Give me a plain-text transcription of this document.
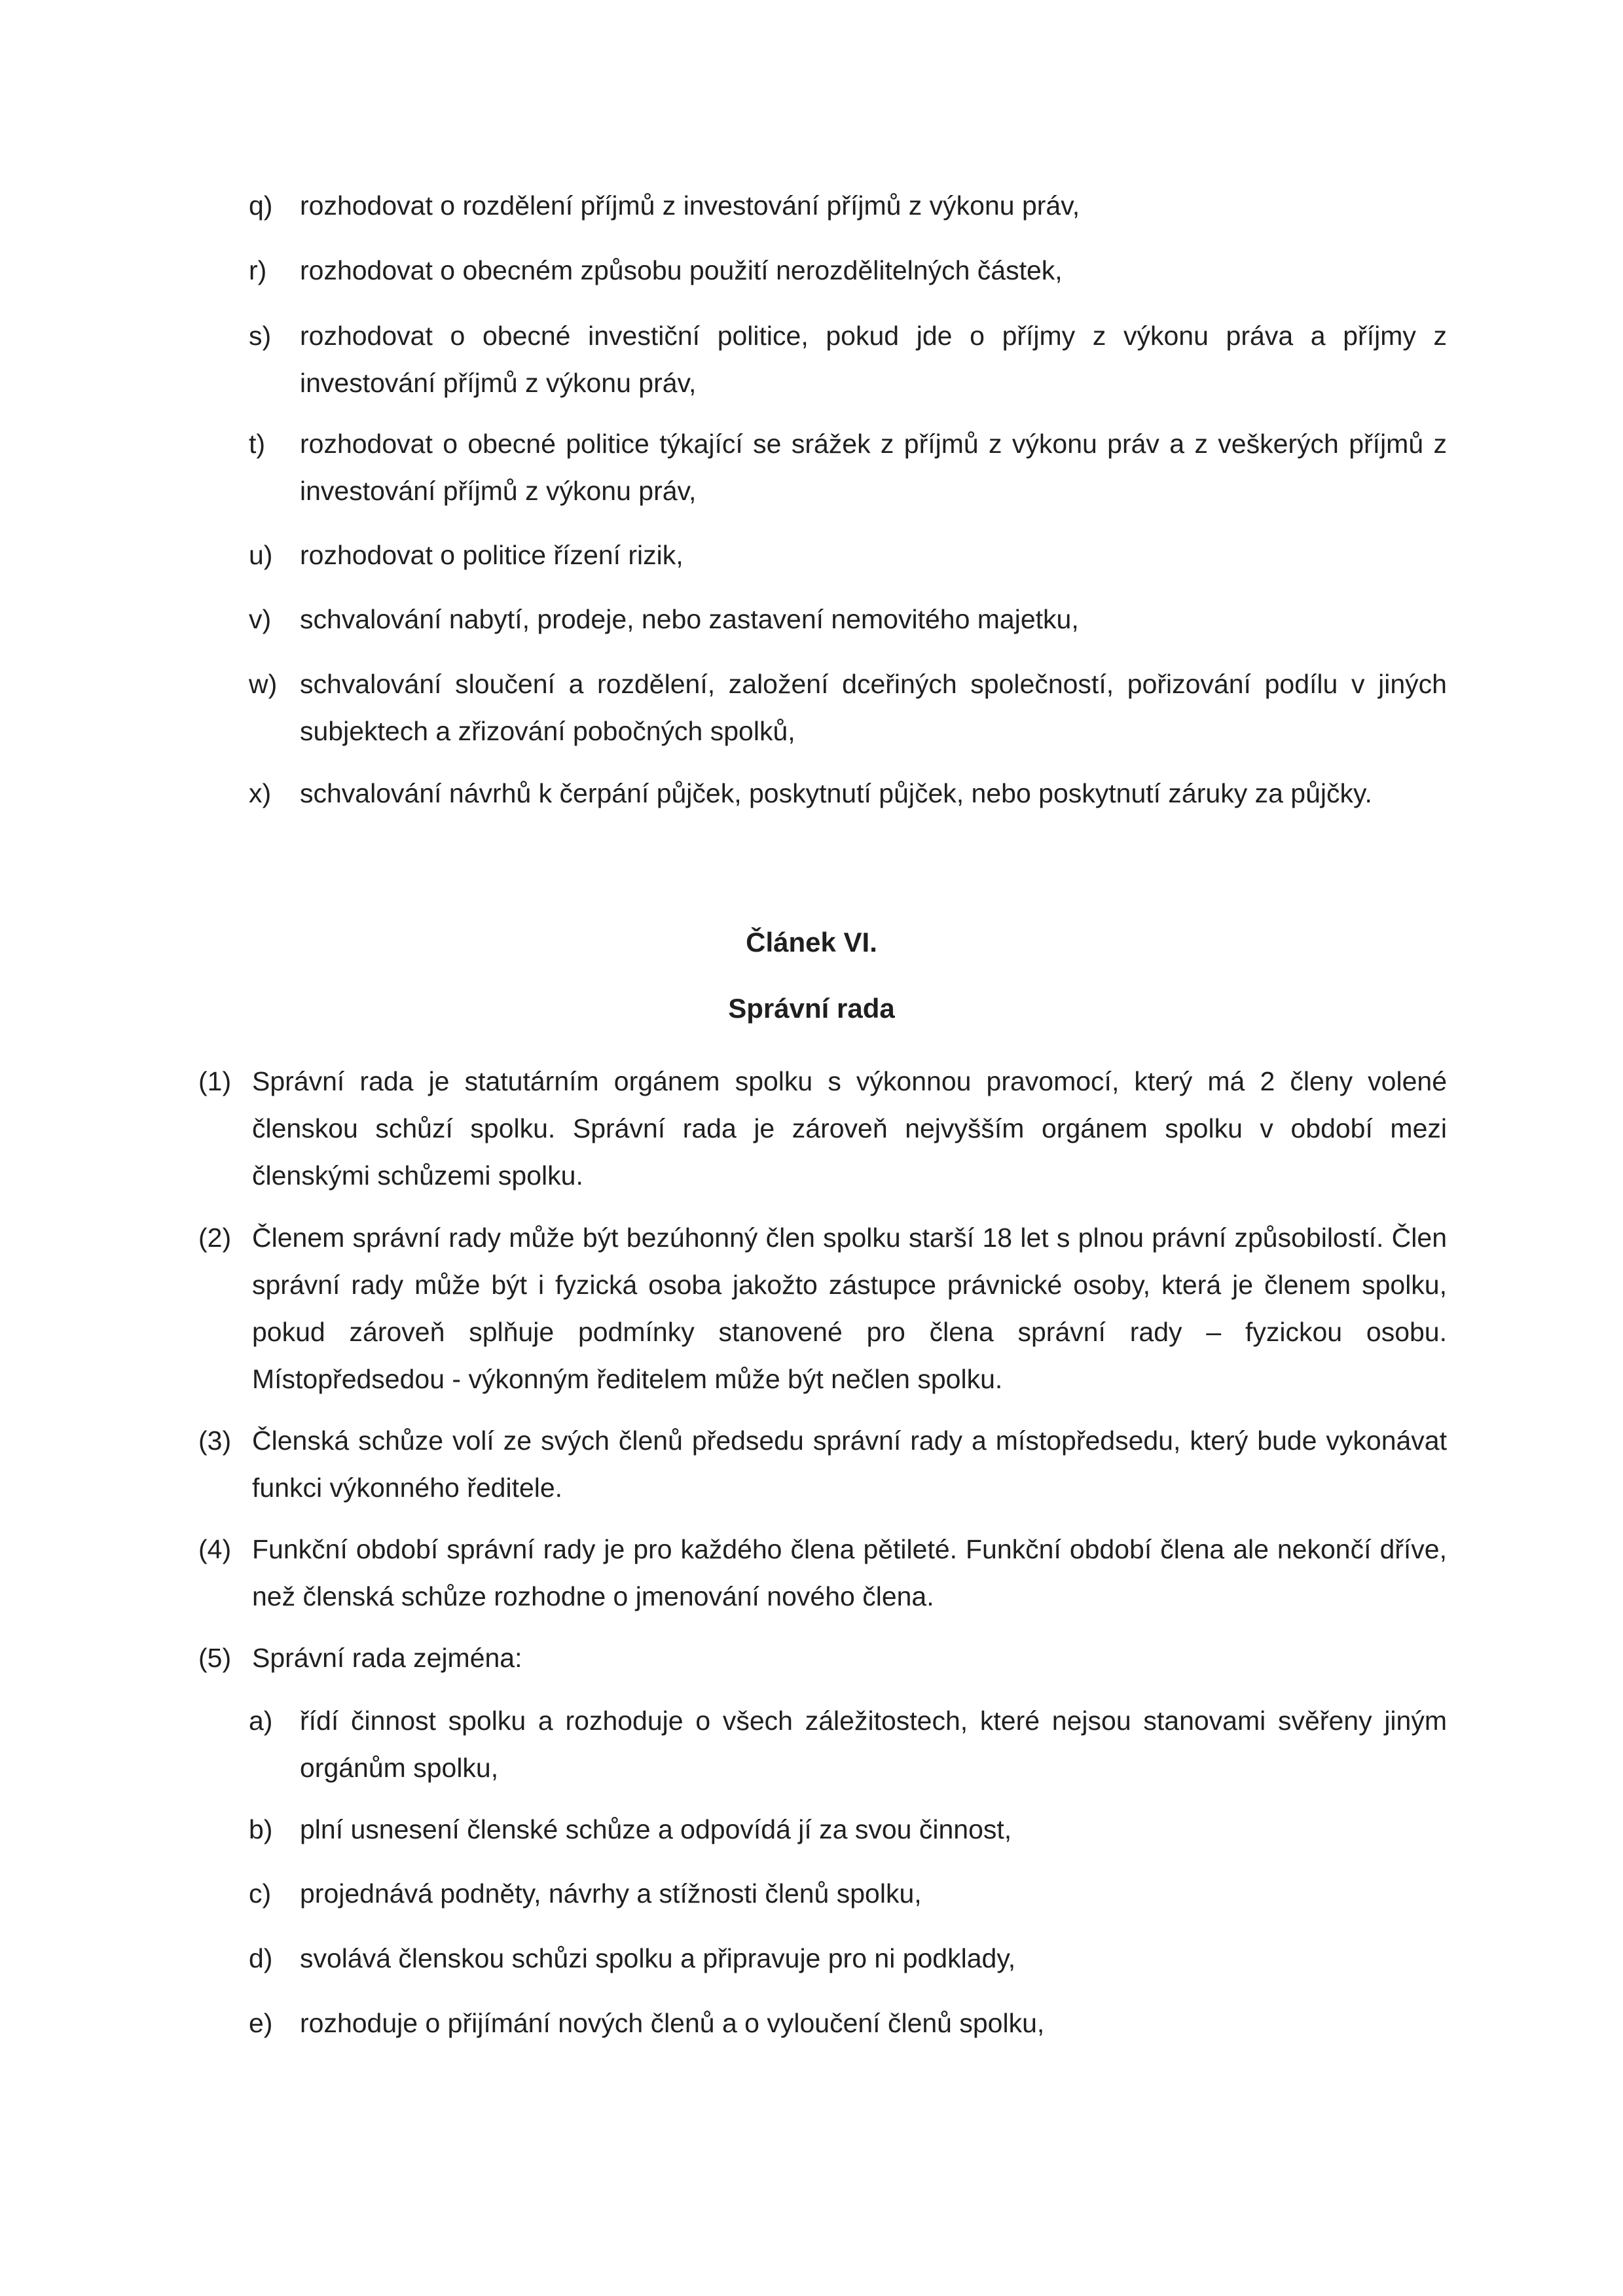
q)	rozhodovat o rozdělení příjmů z investování příjmů z výkonu práv,
r)	rozhodovat o obecném způsobu použití nerozdělitelných částek,
s)	rozhodovat o obecné investiční politice, pokud jde o příjmy z výkonu práva a příjmy z investování příjmů z výkonu práv,
t)	rozhodovat o obecné politice týkající se srážek z příjmů z výkonu práv a z veškerých příjmů z investování příjmů z výkonu práv,
u)	rozhodovat o politice řízení rizik,
v)	schvalování nabytí, prodeje, nebo zastavení nemovitého majetku,
w) schvalování sloučení a rozdělení, založení dceřiných společností, pořizování podílu v jiných subjektech a zřizování pobočných spolků,
x)	schvalování návrhů k čerpání půjček, poskytnutí půjček, nebo poskytnutí záruky za půjčky.
Článek VI.
Správní rada
(1) Správní rada je statutárním orgánem spolku s výkonnou pravomocí, který má 2 členy volené členskou schůzí spolku. Správní rada je zároveň nejvyšším orgánem spolku v období mezi členskými schůzemi spolku.
(2) Členem správní rady může být bezúhonný člen spolku starší 18 let s plnou právní způsobilostí. Člen správní rady může být i fyzická osoba jakožto zástupce právnické osoby, která je členem spolku, pokud zároveň splňuje podmínky stanovené pro člena správní rady – fyzickou osobu. Místopředsedou - výkonným ředitelem může být nečlen spolku.
(3) Členská schůze volí ze svých členů předsedu správní rady a místopředsedu, který bude vykonávat funkci výkonného ředitele.
(4) Funkční období správní rady je pro každého člena pětileté. Funkční období člena ale nekončí dříve, než členská schůze rozhodne o jmenování nového člena.
(5) Správní rada zejména:
a)	řídí činnost spolku a rozhoduje o všech záležitostech, které nejsou stanovami svěřeny jiným orgánům spolku,
b)	plní usnesení členské schůze a odpovídá jí za svou činnost,
c)	projednává podněty, návrhy a stížnosti členů spolku,
d)	svolává členskou schůzi spolku a připravuje pro ni podklady,
e)	rozhoduje o přijímání nových členů a o vyloučení členů spolku,
